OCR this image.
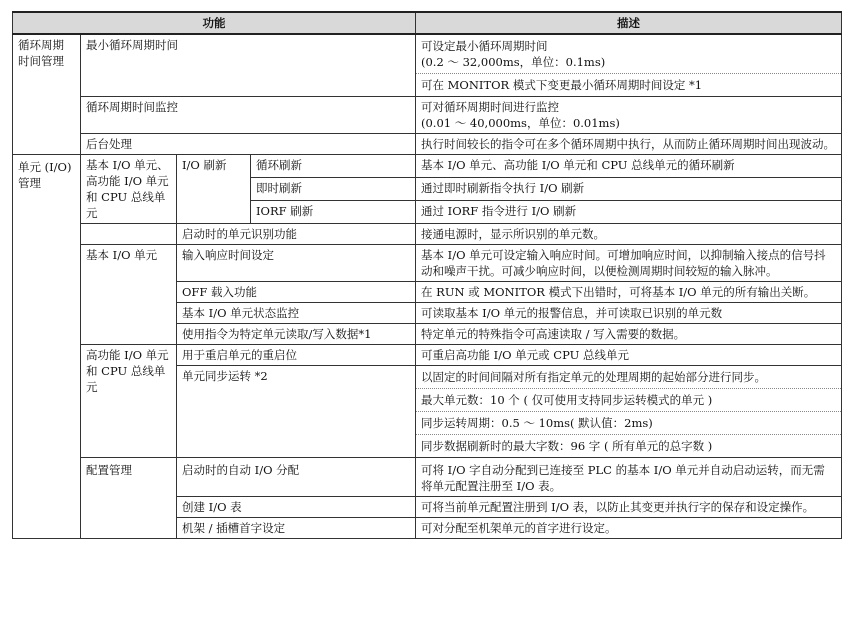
功能				描述
循环周期时间管理	最小循环周期时间			可设定最小循环周期时间
(0.2 ～ 32,000ms，单位：0.1ms)
可在 MONITOR 模式下变更最小循环周期时间设定 *1

	循环周期时间监控			可对循环周期时间进行监控
(0.01 ～ 40,000ms，单位：0.01ms)

	后台处理			执行时间较长的指令可在多个循环周期中执行，从而防止循环周期时间出现波动。
单元 (I/O) 管理	基本 I/O 单元、高功能 I/O 单元和 CPU 总线单元	I/O 刷新	循环刷新	基本 I/O 单元、高功能 I/O 单元和 CPU 总线单元的循环刷新
			即时刷新	通过即时刷新指令执行 I/O 刷新
			IORF 刷新	通过 IORF 指令进行 I/O 刷新
		启动时的单元识别功能		接通电源时，显示所识别的单元数。
	基本 I/O 单元	输入响应时间设定		基本 I/O 单元可设定输入响应时间。可增加响应时间，以抑制输入接点的信号抖动和噪声干扰。可减少响应时间，以便检测周期时间较短的输入脉冲。
		OFF 载入功能		在 RUN 或 MONITOR 模式下出错时，可将基本 I/O 单元的所有输出关断。
		基本 I/O 单元状态监控		可读取基本 I/O 单元的报警信息，并可读取已识别的单元数
		使用指令为特定单元读取/写入数据*1		特定单元的特殊指令可高速读取 / 写入需要的数据。
	高功能 I/O 单元和 CPU 总线单元	用于重启单元的重启位		可重启高功能 I/O 单元或 CPU 总线单元
		单元同步运转 *2		以固定的时间间隔对所有指定单元的处理周期的起始部分进行同步。
最大单元数：10 个 ( 仅可使用支持同步运转模式的单元 )
同步运转周期：0.5 ～ 10ms( 默认值：2ms)
同步数据刷新时的最大字数：96 字 ( 所有单元的总字数 )

	配置管理	启动时的自动 I/O 分配		可将 I/O 字自动分配到已连接至 PLC 的基本 I/O 单元并自动启动运转，而无需将单元配置注册至 I/O 表。
		创建 I/O 表		可将当前单元配置注册到 I/O 表，以防止其变更并执行字的保存和设定操作。
		机架 / 插槽首字设定		可对分配至机架单元的首字进行设定。
